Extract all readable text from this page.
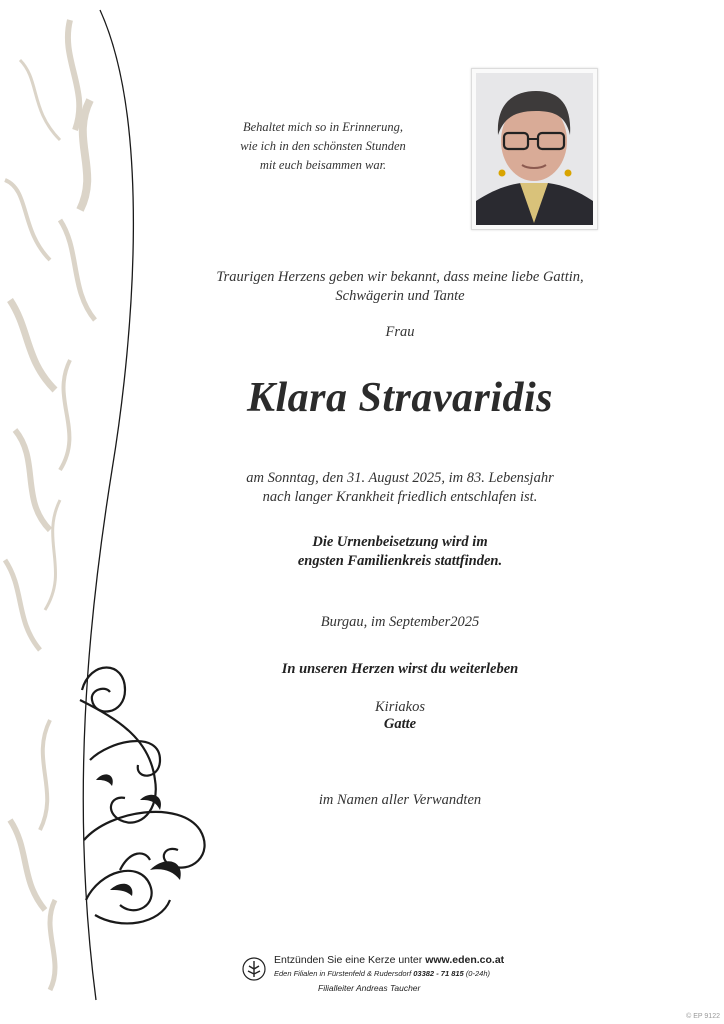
Behaltet mich so in Erinnerung,
wie ich in den schönsten Stunden
mit euch beisammen war.
Traurigen Herzens geben wir bekannt, dass meine liebe Gattin,
Schwägerin und Tante
Frau
Klara Stravaridis
am Sonntag, den 31. August 2025, im 83. Lebensjahr
nach langer Krankheit friedlich entschlafen ist.
Die Urnenbeisetzung wird im
engsten Familienkreis stattfinden.
Burgau, im September2025
In unseren Herzen wirst du weiterleben
Kiriakos
Gatte
im Namen aller Verwandten
Entzünden Sie eine Kerze unter www.eden.co.at
Eden Filialen in Fürstenfeld & Rudersdorf 03382 - 71 815 (0-24h)
Filialleiter Andreas Taucher
© EP 9122
